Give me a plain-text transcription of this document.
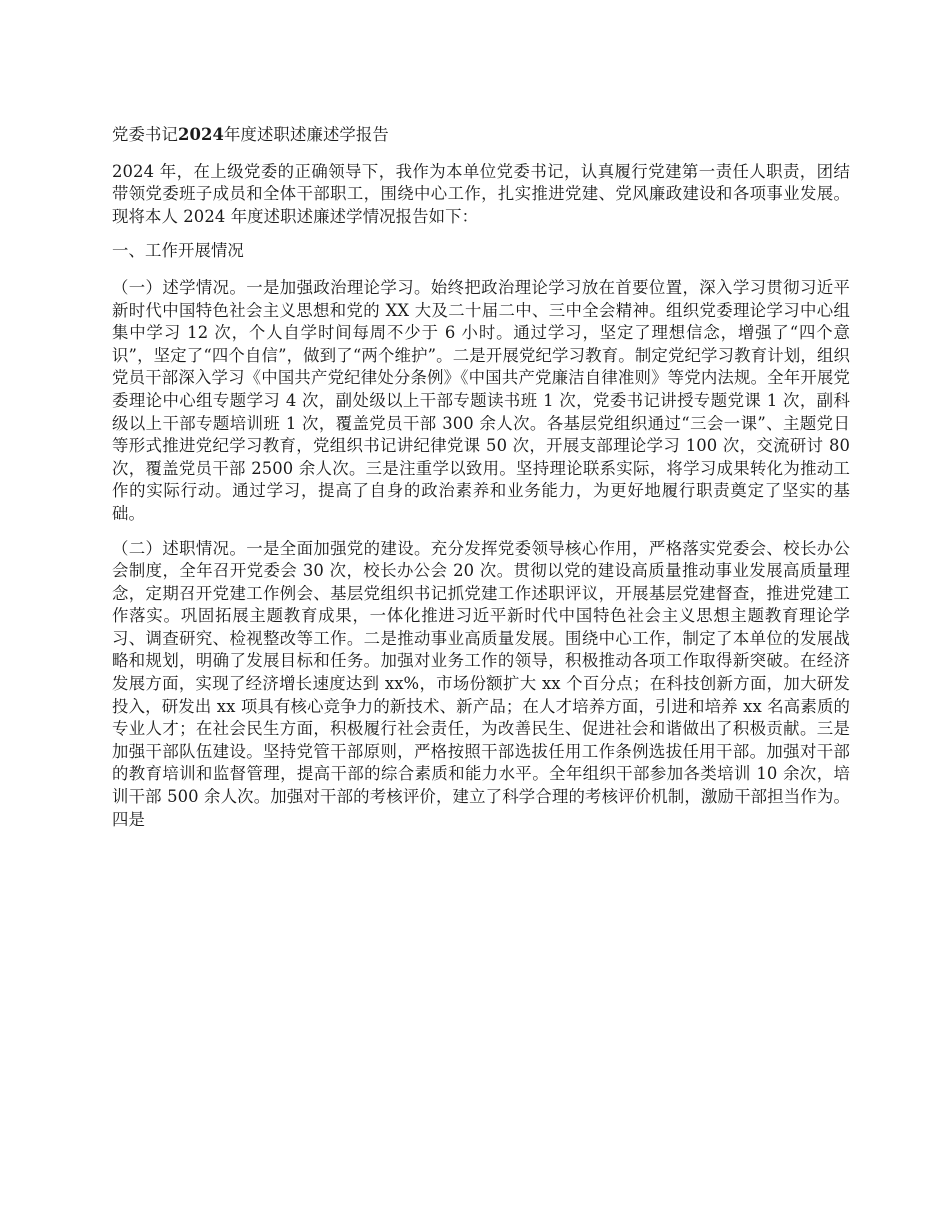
党委书记2024年度述职述廉述学报告

2024 年，在上级党委的正确领导下，我作为本单位党委书记，认真履行党建第一责任人职责，团结带领党委班子成员和全体干部职工，围绕中心工作，扎实推进党建、党风廉政建设和各项事业发展。现将本人 2024 年度述职述廉述学情况报告如下：

一、工作开展情况

（一）述学情况。一是加强政治理论学习。始终把政治理论学习放在首要位置，深入学习贯彻习近平新时代中国特色社会主义思想和党的 XX 大及二十届二中、三中全会精神。组织党委理论学习中心组集中学习 12 次，个人自学时间每周不少于 6 小时。通过学习，坚定了理想信念，增强了“四个意识”，坚定了“四个自信”，做到了“两个维护”。二是开展党纪学习教育。制定党纪学习教育计划，组织党员干部深入学习《中国共产党纪律处分条例》《中国共产党廉洁自律准则》等党内法规。全年开展党委理论中心组专题学习 4 次，副处级以上干部专题读书班 1 次，党委书记讲授专题党课 1 次，副科级以上干部专题培训班 1 次，覆盖党员干部 300 余人次。各基层党组织通过“三会一课”、主题党日等形式推进党纪学习教育，党组织书记讲纪律党课 50 次，开展支部理论学习 100 次，交流研讨 80 次，覆盖党员干部 2500 余人次。三是注重学以致用。坚持理论联系实际，将学习成果转化为推动工作的实际行动。通过学习，提高了自身的政治素养和业务能力，为更好地履行职责奠定了坚实的基础。

（二）述职情况。一是全面加强党的建设。充分发挥党委领导核心作用，严格落实党委会、校长办公会制度，全年召开党委会 30 次，校长办公会 20 次。贯彻以党的建设高质量推动事业发展高质量理念，定期召开党建工作例会、基层党组织书记抓党建工作述职评议，开展基层党建督查，推进党建工作落实。巩固拓展主题教育成果，一体化推进习近平新时代中国特色社会主义思想主题教育理论学习、调查研究、检视整改等工作。二是推动事业高质量发展。围绕中心工作，制定了本单位的发展战略和规划，明确了发展目标和任务。加强对业务工作的领导，积极推动各项工作取得新突破。在经济发展方面，实现了经济增长速度达到 xx%，市场份额扩大 xx 个百分点；在科技创新方面，加大研发投入，研发出 xx 项具有核心竞争力的新技术、新产品；在人才培养方面，引进和培养 xx 名高素质的专业人才；在社会民生方面，积极履行社会责任，为改善民生、促进社会和谐做出了积极贡献。三是加强干部队伍建设。坚持党管干部原则，严格按照干部选拔任用工作条例选拔任用干部。加强对干部的教育培训和监督管理，提高干部的综合素质和能力水平。全年组织干部参加各类培训 10 余次，培训干部 500 余人次。加强对干部的考核评价，建立了科学合理的考核评价机制，激励干部担当作为。四是
